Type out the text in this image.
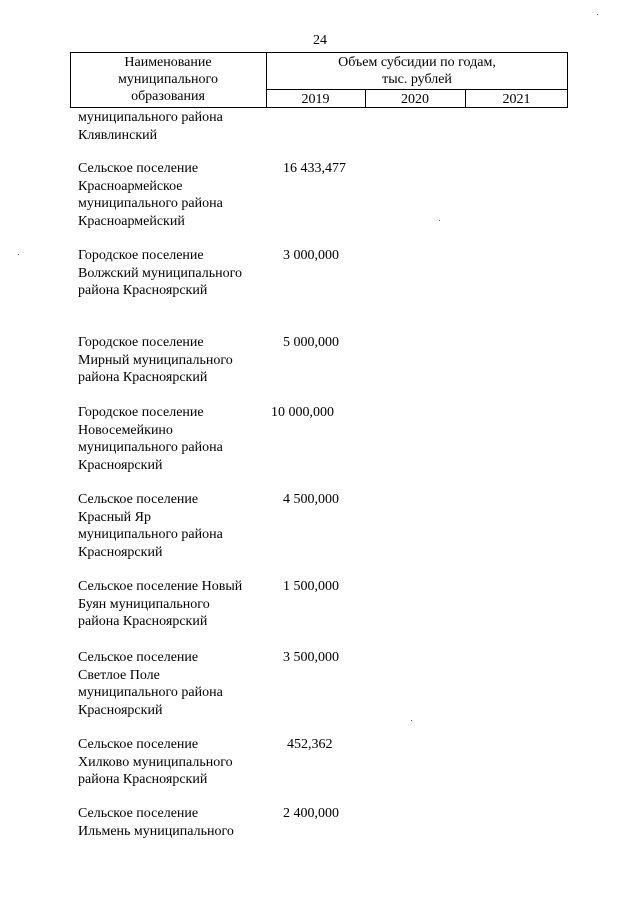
24
Наименование
муниципального
образования
Объем субсидии по годам,
тыс. рублей
2019	2020	2021
муниципального района
Клявлинский
Сельское поселение
Красноармейское
муниципального района
Красноармейский
16 433,477
Городское поселение
Волжский муниципального
района Красноярский
3 000,000
Городское поселение
Мирный муниципального
района Красноярский
5 000,000
Городское поселение
Новосемейкино
муниципального района
Красноярский
10 000,000
Сельское поселение
Красный Яр
муниципального района
Красноярский
4 500,000
Сельское поселение Новый
Буян муниципального
района Красноярский
1 500,000
Сельское поселение
Светлое Поле
муниципального района
Красноярский
3 500,000
Сельское поселение
Хилково муниципального
района Красноярский
452,362
Сельское поселение
Ильмень муниципального
2 400,000
